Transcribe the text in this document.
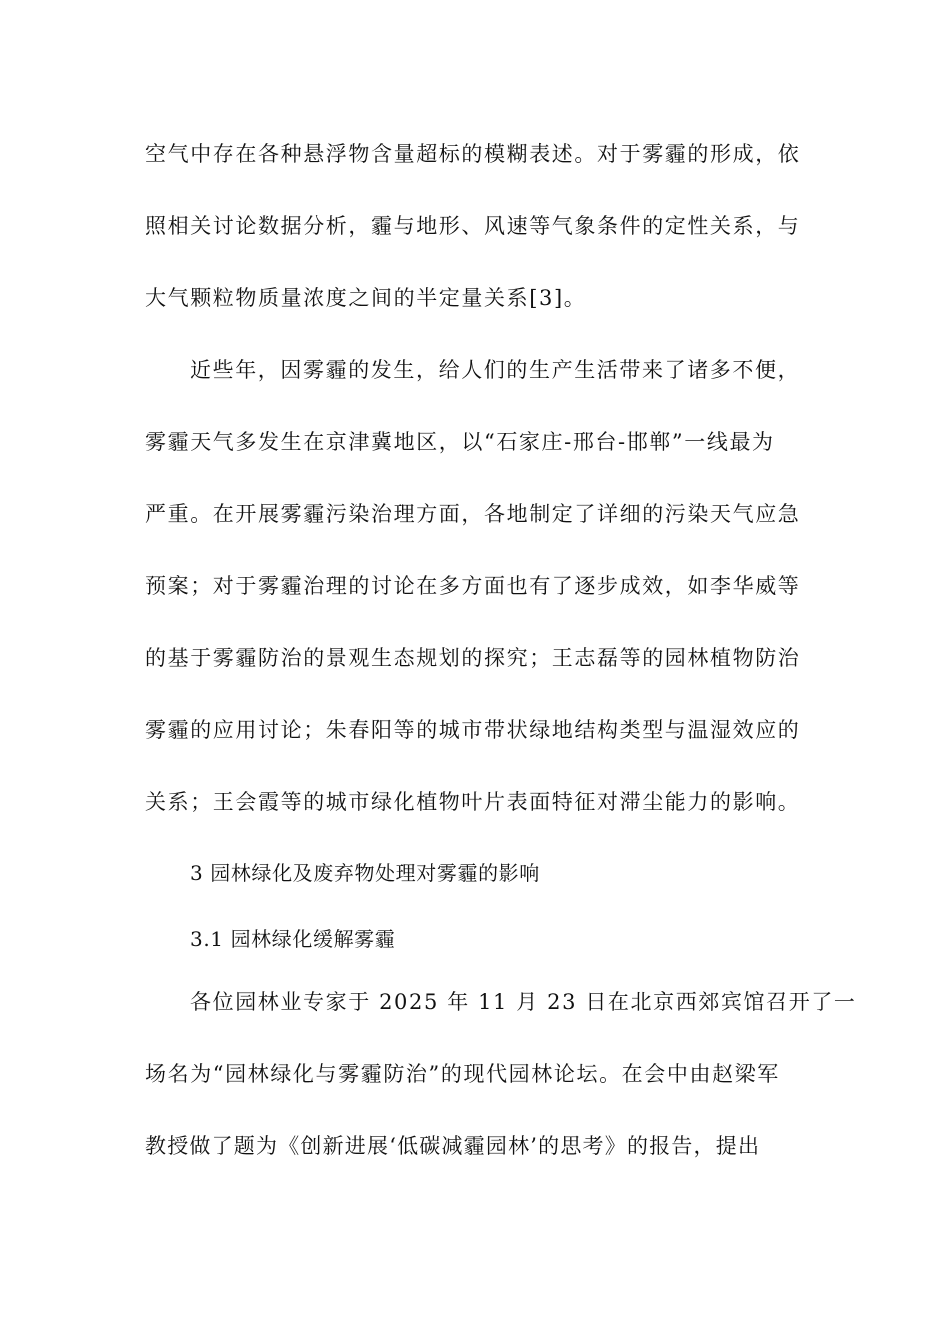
空气中存在各种悬浮物含量超标的模糊表述。对于雾霾的形成，依
照相关讨论数据分析，霾与地形、风速等气象条件的定性关系，与
大气颗粒物质量浓度之间的半定量关系[3]。
近些年，因雾霾的发生，给人们的生产生活带来了诸多不便，
雾霾天气多发生在京津冀地区，以“石家庄-邢台-邯郸”一线最为
严重。在开展雾霾污染治理方面，各地制定了详细的污染天气应急
预案；对于雾霾治理的讨论在多方面也有了逐步成效，如李华威等
的基于雾霾防治的景观生态规划的探究；王志磊等的园林植物防治
雾霾的应用讨论；朱春阳等的城市带状绿地结构类型与温湿效应的
关系；王会霞等的城市绿化植物叶片表面特征对滞尘能力的影响。
3 园林绿化及废弃物处理对雾霾的影响
3.1 园林绿化缓解雾霾
各位园林业专家于 2025 年 11 月 23 日在北京西郊宾馆召开了一
场名为“园林绿化与雾霾防治”的现代园林论坛。在会中由赵梁军
教授做了题为《创新进展‘低碳减霾园林’的思考》的报告，提出
